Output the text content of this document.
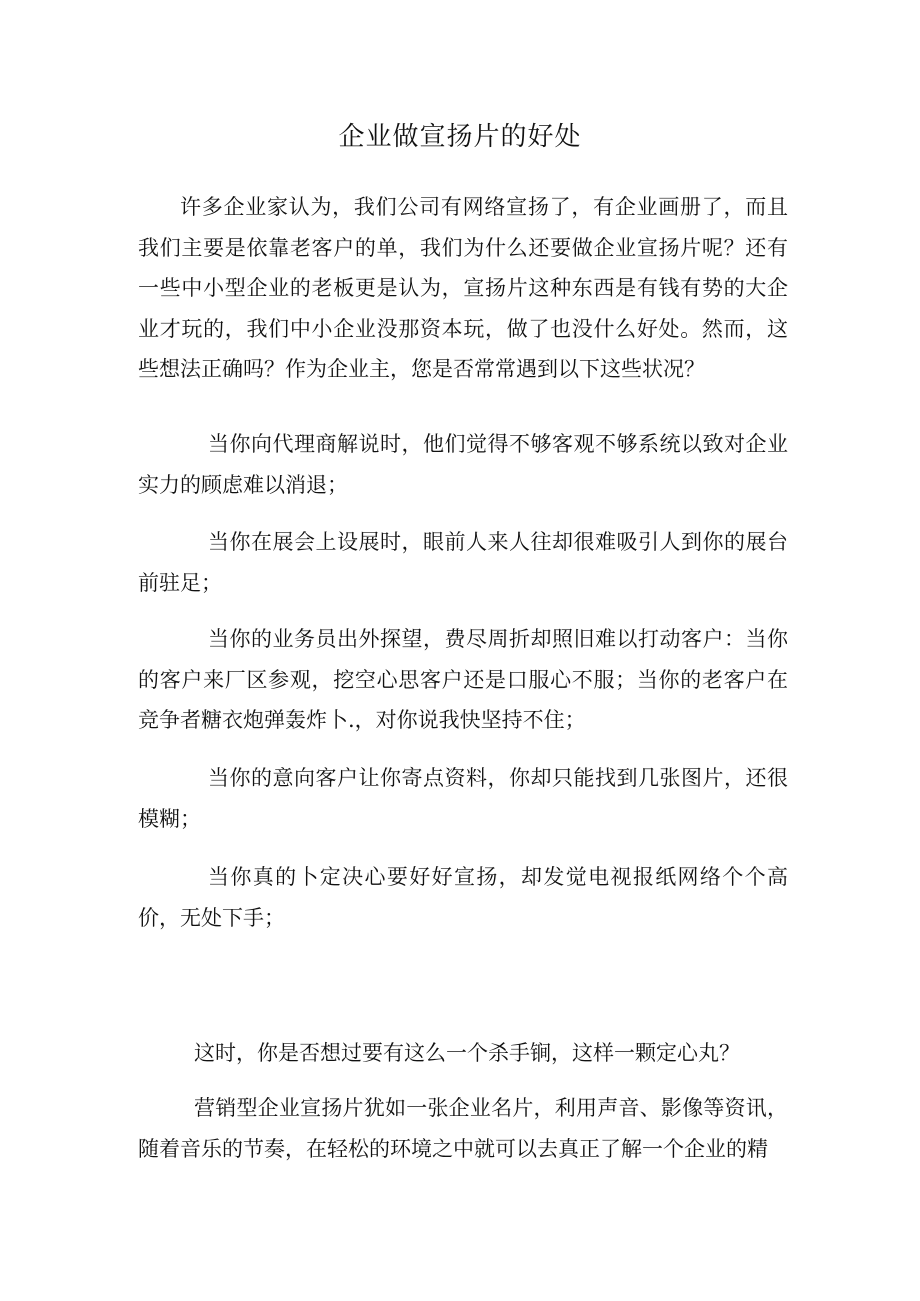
企业做宣扬片的好处

许多企业家认为，我们公司有网络宣扬了，有企业画册了，而且我们主要是依靠老客户的单，我们为什么还要做企业宣扬片呢？还有一些中小型企业的老板更是认为，宣扬片这种东西是有钱有势的大企业才玩的，我们中小企业没那资本玩，做了也没什么好处。然而，这些想法正确吗？作为企业主，您是否常常遇到以下这些状况？

当你向代理商解说时，他们觉得不够客观不够系统以致对企业实力的顾虑难以消退；

当你在展会上设展时，眼前人来人往却很难吸引人到你的展台前驻足；

当你的业务员出外探望，费尽周折却照旧难以打动客户：当你的客户来厂区参观，挖空心思客户还是口服心不服；当你的老客户在竞争者糖衣炮弹轰炸卜.，对你说我快坚持不住；

当你的意向客户让你寄点资料，你却只能找到几张图片，还很模糊；

当你真的卜定决心要好好宣扬，却发觉电视报纸网络个个高价，无处下手；

这时，你是否想过要有这么一个杀手锏，这样一颗定心丸？

营销型企业宣扬片犹如一张企业名片，利用声音、影像等资讯，随着音乐的节奏，在轻松的环境之中就可以去真正了解一个企业的精
